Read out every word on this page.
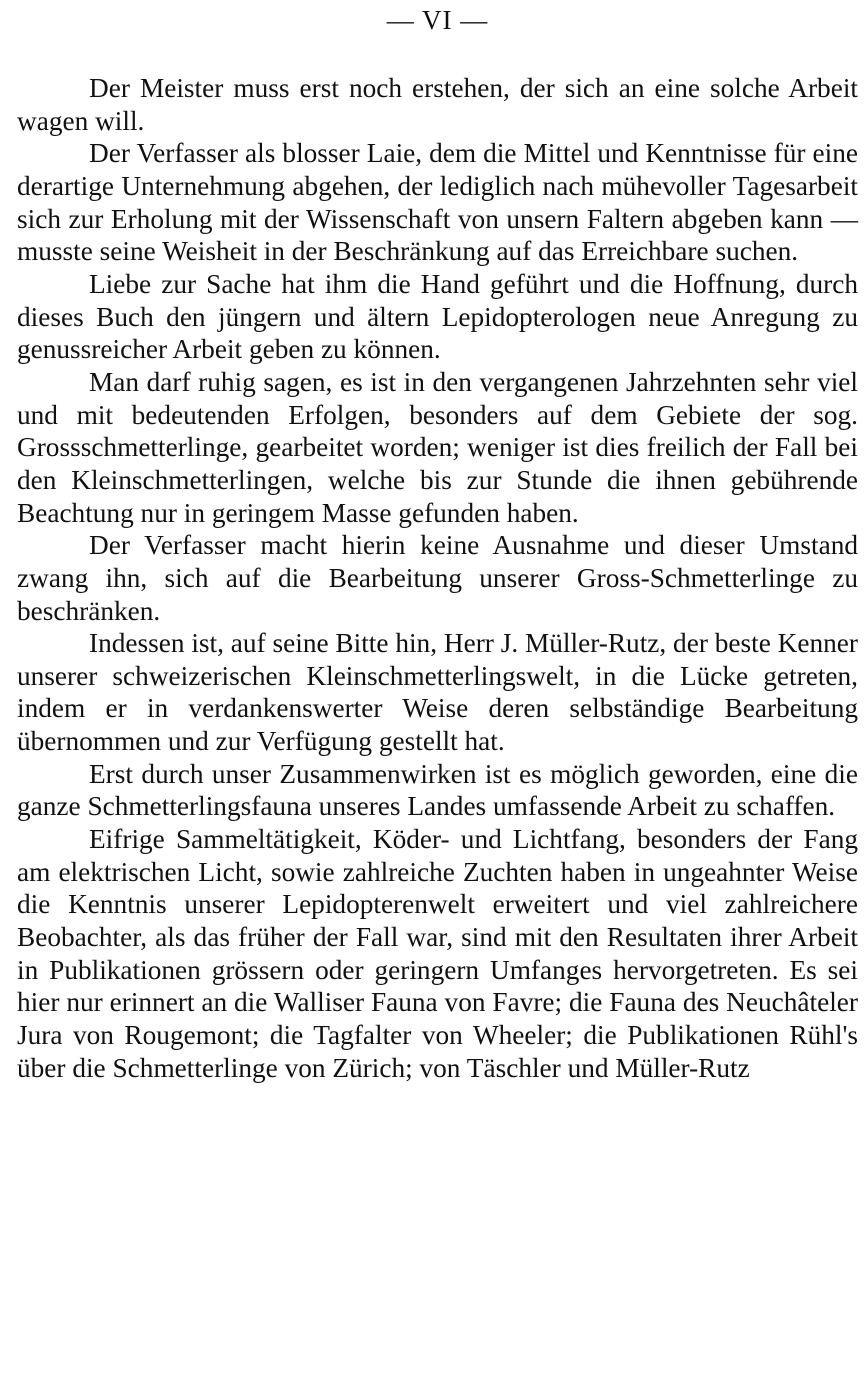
— VI —

Der Meister muss erst noch erstehen, der sich an eine solche Arbeit wagen will.

Der Verfasser als blosser Laie, dem die Mittel und Kenntnisse für eine derartige Unternehmung abgehen, der lediglich nach mühevoller Tagesarbeit sich zur Erholung mit der Wissenschaft von unsern Faltern abgeben kann — musste seine Weisheit in der Beschränkung auf das Erreichbare suchen.

Liebe zur Sache hat ihm die Hand geführt und die Hoffnung, durch dieses Buch den jüngern und ältern Lepidopterologen neue Anregung zu genussreicher Arbeit geben zu können.

Man darf ruhig sagen, es ist in den vergangenen Jahrzehnten sehr viel und mit bedeutenden Erfolgen, besonders auf dem Gebiete der sog. Grossschmetterlinge, gearbeitet worden; weniger ist dies freilich der Fall bei den Kleinschmetterlingen, welche bis zur Stunde die ihnen gebührende Beachtung nur in geringem Masse gefunden haben.

Der Verfasser macht hierin keine Ausnahme und dieser Umstand zwang ihn, sich auf die Bearbeitung unserer Gross-Schmetterlinge zu beschränken.

Indessen ist, auf seine Bitte hin, Herr J. Müller-Rutz, der beste Kenner unserer schweizerischen Kleinschmetterlingswelt, in die Lücke getreten, indem er in verdankenswerter Weise deren selbständige Bearbeitung übernommen und zur Verfügung gestellt hat.

Erst durch unser Zusammenwirken ist es möglich geworden, eine die ganze Schmetterlingsfauna unseres Landes umfassende Arbeit zu schaffen.

Eifrige Sammeltätigkeit, Köder- und Lichtfang, besonders der Fang am elektrischen Licht, sowie zahlreiche Zuchten haben in ungeahnter Weise die Kenntnis unserer Lepidopterenwelt erweitert und viel zahlreichere Beobachter, als das früher der Fall war, sind mit den Resultaten ihrer Arbeit in Publikationen grössern oder geringern Umfanges hervorgetreten. Es sei hier nur erinnert an die Walliser Fauna von Favre; die Fauna des Neuchâteler Jura von Rougemont; die Tagfalter von Wheeler; die Publikationen Rühl's über die Schmetterlinge von Zürich; von Täschler und Müller-Rutz
